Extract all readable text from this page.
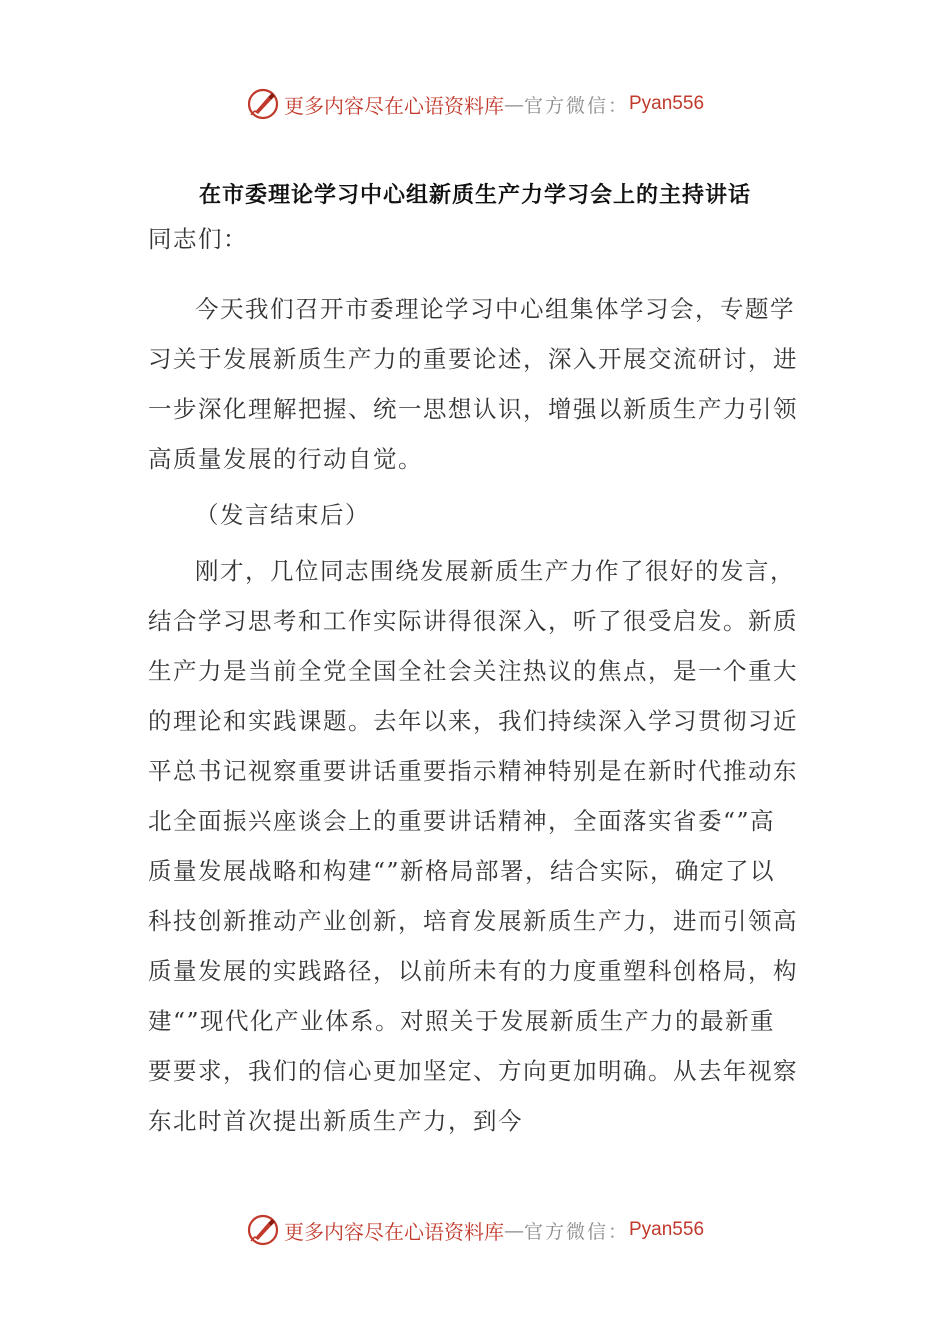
更多内容尽在心语资料库 — 官方微信： Pyan556
在市委理论学习中心组新质生产力学习会上的主持讲话

同志们：

今天我们召开市委理论学习中心组集体学习会，专题学习关于发展新质生产力的重要论述，深入开展交流研讨，进一步深化理解把握、统一思想认识，增强以新质生产力引领高质量发展的行动自觉。

（发言结束后）

刚才，几位同志围绕发展新质生产力作了很好的发言，结合学习思考和工作实际讲得很深入，听了很受启发。新质生产力是当前全党全国全社会关注热议的焦点，是一个重大的理论和实践课题。去年以来，我们持续深入学习贯彻习近平总书记视察重要讲话重要指示精神特别是在新时代推动东北全面振兴座谈会上的重要讲话精神，全面落实省委“”高质量发展战略和构建“”新格局部署，结合实际，确定了以科技创新推动产业创新，培育发展新质生产力，进而引领高质量发展的实践路径，以前所未有的力度重塑科创格局，构建“”现代化产业体系。对照关于发展新质生产力的最新重要要求，我们的信心更加坚定、方向更加明确。从去年视察东北时首次提出新质生产力，到今

更多内容尽在心语资料库 — 官方微信： Pyan556
